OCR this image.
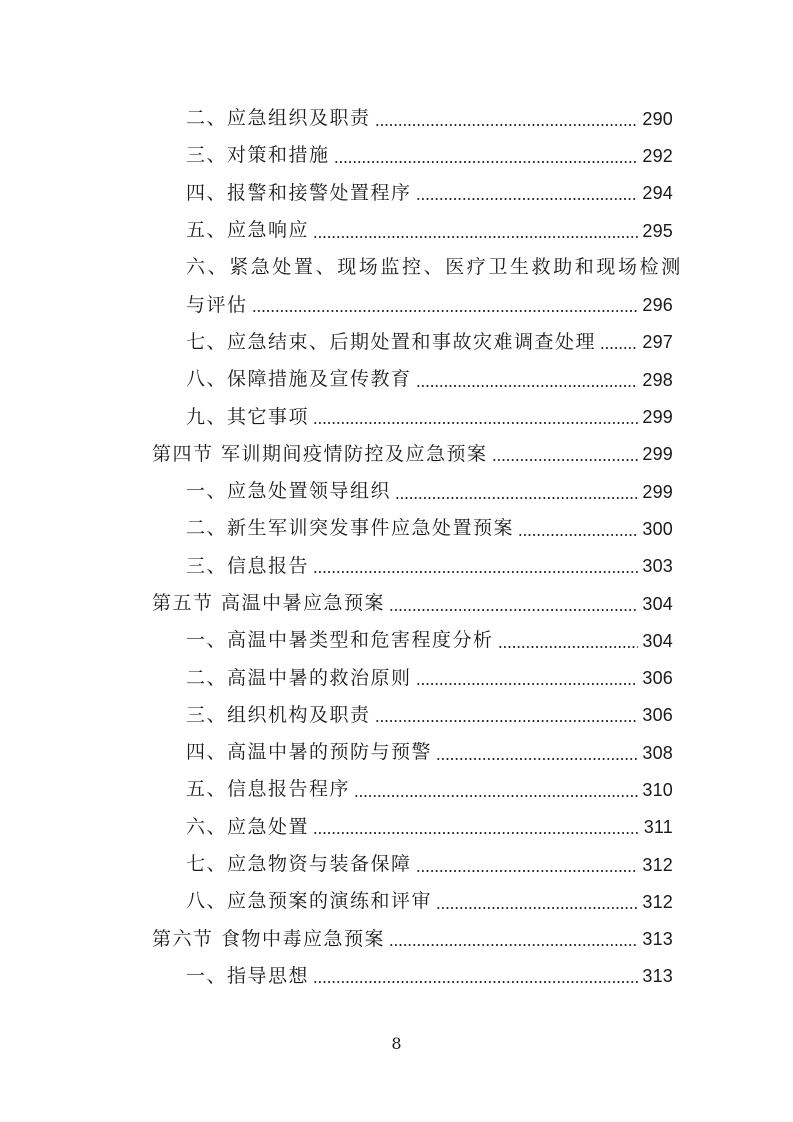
二、应急组织及职责	290
三、对策和措施	292
四、报警和接警处置程序	294
五、应急响应	295
六、紧急处置、现场监控、医疗卫生救助和现场检测
与评估	296
七、应急结束、后期处置和事故灾难调查处理	297
八、保障措施及宣传教育	298
九、其它事项	299
第四节 军训期间疫情防控及应急预案	299
一、应急处置领导组织	299
二、新生军训突发事件应急处置预案	300
三、信息报告	303
第五节 高温中暑应急预案	304
一、高温中暑类型和危害程度分析	304
二、高温中暑的救治原则	306
三、组织机构及职责	306
四、高温中暑的预防与预警	308
五、信息报告程序	310
六、应急处置	311
七、应急物资与装备保障	312
八、应急预案的演练和评审	312
第六节 食物中毒应急预案	313
一、指导思想	313
8
